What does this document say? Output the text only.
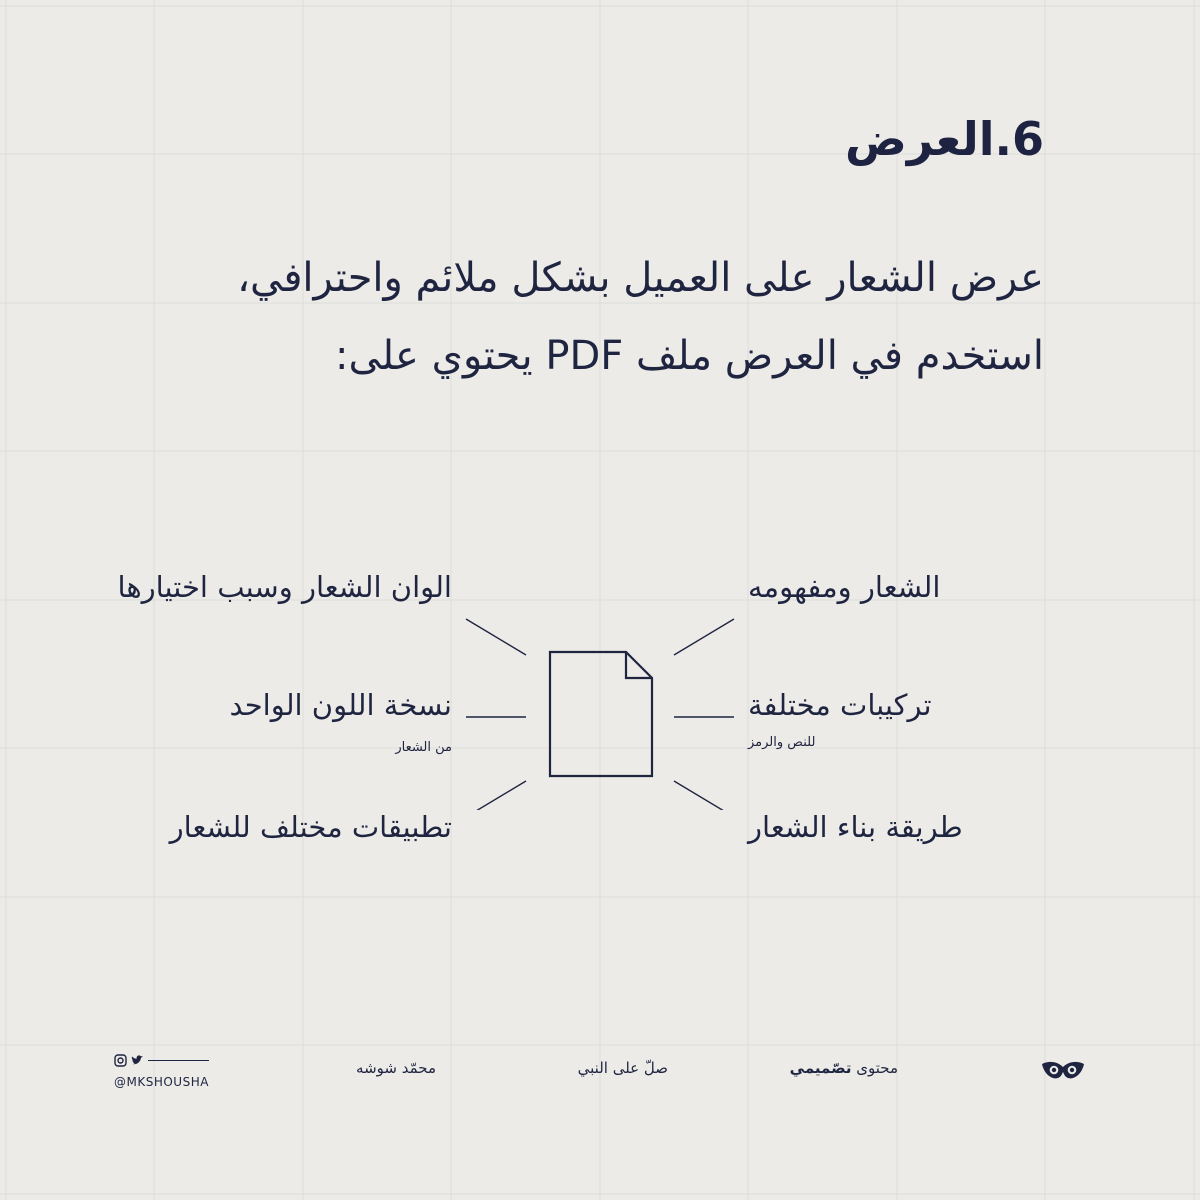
6.العرض
عرض الشعار على العميل بشكل ملائم واحترافي،
استخدم في العرض ملف PDF يحتوي على:
الشعار ومفهومه
تركيبات مختلفة
للنص والرمز
طريقة بناء الشعار
الوان الشعار وسبب اختيارها
نسخة اللون الواحد
من الشعار
تطبيقات مختلف للشعار
محتوى تصّميمي
صلّ على النبي
محمّد شوشه
@MKSHOUSHA
